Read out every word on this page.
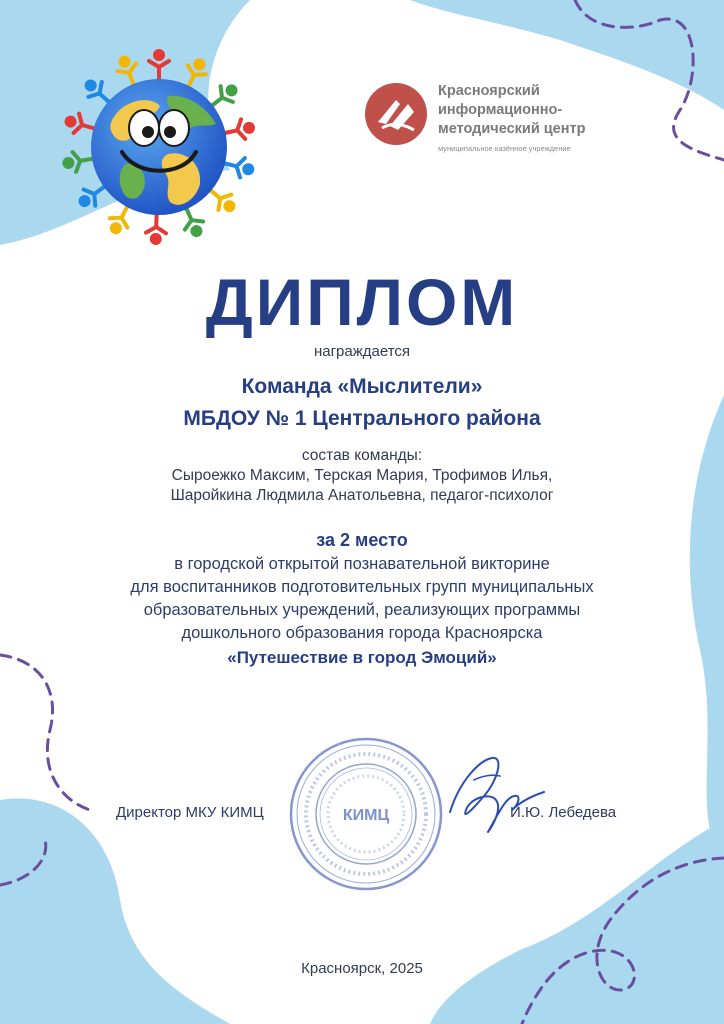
Красноярский
информационно-
методический центр
муниципальное казённое учреждение
ДИПЛОМ
награждается
Команда «Мыслители»
МБДОУ № 1 Центрального района
состав команды:
Сыроежко Максим, Терская Мария, Трофимов Илья,
Шаройкина Людмила Анатольевна, педагог-психолог
за 2 место
в городской открытой познавательной викторине
для воспитанников подготовительных групп муниципальных
образовательных учреждений, реализующих программы
дошкольного образования города Красноярска
«Путешествие в город Эмоций»
Директор МКУ КИМЦ	КИМЦ	И.Ю. Лебедева
Красноярск, 2025
